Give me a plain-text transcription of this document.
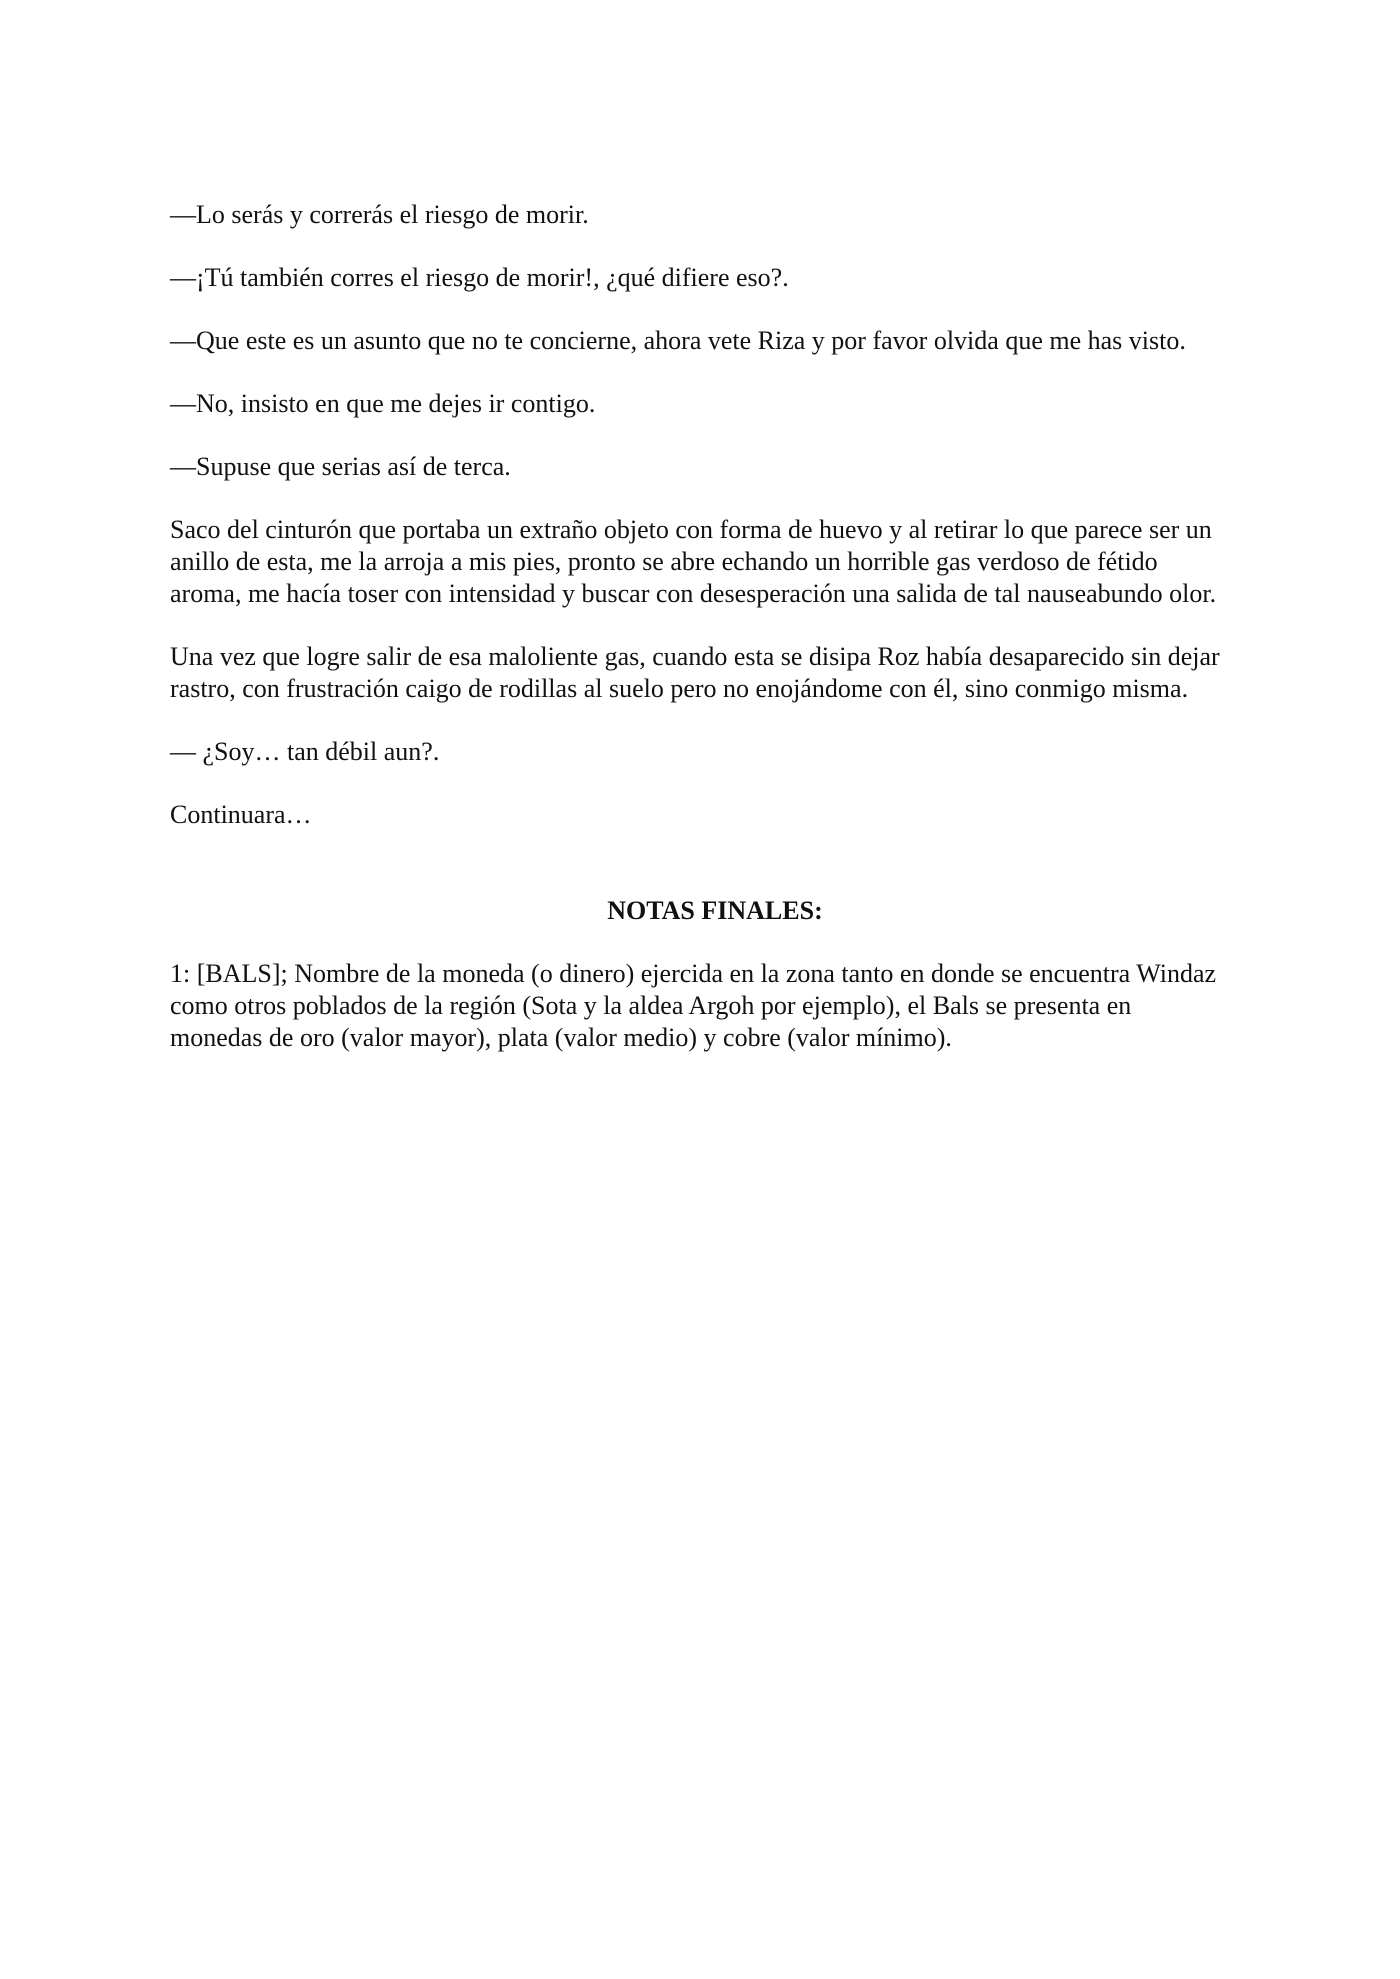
—Lo serás y correrás el riesgo de morir.

—¡Tú también corres el riesgo de morir!, ¿qué difiere eso?.

—Que este es un asunto que no te concierne, ahora vete Riza y por favor olvida que me has visto.

—No, insisto en que me dejes ir contigo.

—Supuse que serias así de terca.

Saco del cinturón que portaba un extraño objeto con forma de huevo y al retirar lo que parece ser un anillo de esta, me la arroja a mis pies, pronto se abre echando un horrible gas verdoso de fétido aroma, me hacía toser con intensidad y buscar con desesperación una salida de tal nauseabundo olor.

Una vez que logre salir de esa maloliente gas, cuando esta se disipa Roz había desaparecido sin dejar rastro, con frustración caigo de rodillas al suelo pero no enojándome con él, sino conmigo misma.

— ¿Soy… tan débil aun?.

Continuara…

NOTAS FINALES:

1: [BALS]; Nombre de la moneda (o dinero) ejercida en la zona tanto en donde se encuentra Windaz como otros poblados de la región (Sota y la aldea Argoh por ejemplo), el Bals se presenta en monedas de oro (valor mayor), plata (valor medio) y cobre (valor mínimo).
